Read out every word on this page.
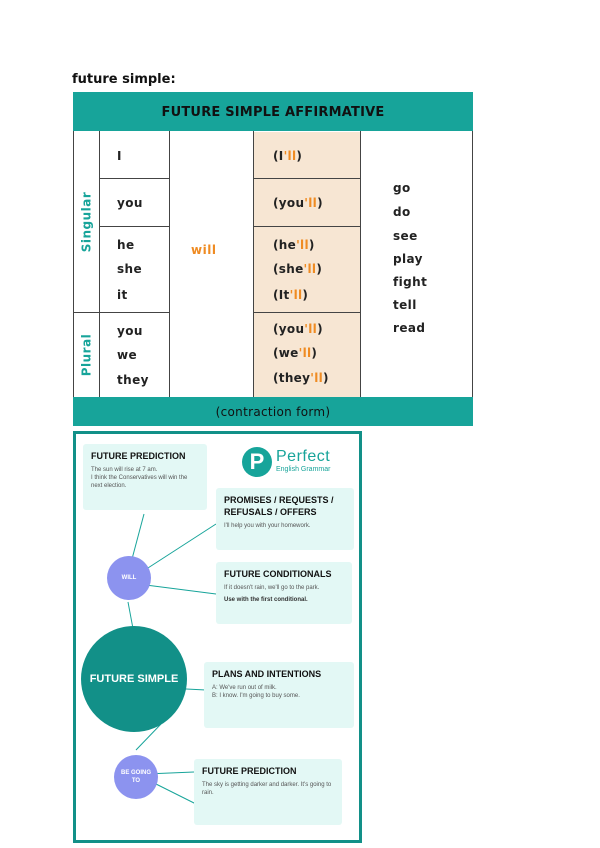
future simple:
FUTURE SIMPLE AFFIRMATIVE
Singular
Plural
I
you
he
she
it
you
we
they
will
(I'll)
(you'll)
(he'll)
(she'll)
(It'll)
(you'll)
(we'll)
(they'll)
go
do
see
play
fight
tell
read
(contraction form)
P Perfect
English Grammar
FUTURE PREDICTION
The sun will rise at 7 am.
I think the Conservatives will win the next election.
PROMISES / REQUESTS / REFUSALS / OFFERS
I'll help you with your homework.
FUTURE CONDITIONALS
If it doesn't rain, we'll go to the park.
Use with the first conditional.
PLANS AND INTENTIONS
A: We've run out of milk.
B: I know. I'm going to buy some.
FUTURE PREDICTION
The sky is getting darker and darker. It's going to rain.
WILL
FUTURE SIMPLE
BE GOING TO
